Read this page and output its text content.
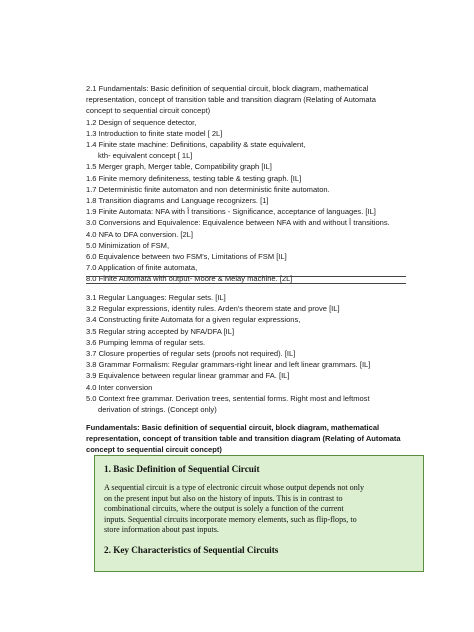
2.1 Fundamentals: Basic definition of sequential circuit, block diagram, mathematical
representation, concept of transition table and transition diagram (Relating of Automata
concept to sequential circuit concept)
1.2 Design of sequence detector,
1.3 Introduction to finite state model [ 2L]
1.4 Finite state machine: Definitions, capability & state equivalent,
kth- equivalent concept [ 1L]
1.5 Merger graph, Merger table, Compatibility graph [IL]
1.6 Finite memory definiteness, testing table & testing graph. [IL]
1.7 Deterministic finite automaton and non deterministic finite automaton.
1.8 Transition diagrams and Language recognizers. [1]
1.9 Finite Automata: NFA with Î transitions - Significance, acceptance of languages. [IL]
3.0 Conversions and Equivalence: Equivalence between NFA with and without Î transitions.
4.0 NFA to DFA conversion. [2L]
5.0 Minimization of FSM,
6.0 Equivalence between two FSM's, Limitations of FSM [IL]
7.0 Application of finite automata,
8.0 Finite Automata with output- Moore & Melay machine. [2L]
3.1 Regular Languages: Regular sets. [IL]
3.2 Regular expressions, identity rules. Arden's theorem state and prove [IL]
3.4 Constructing finite Automata for a given regular expressions,
3.5 Regular string accepted by NFA/DFA [IL]
3.6 Pumping lemma of regular sets.
3.7 Closure properties of regular sets (proofs not required). [IL]
3.8 Grammar Formalism: Regular grammars-right linear and left linear grammars. [IL]
3.9 Equivalence between regular linear grammar and FA. [IL]
4.0 Inter conversion
5.0 Context free grammar. Derivation trees, sentential forms. Right most and leftmost
derivation of strings. (Concept only)
Fundamentals: Basic definition of sequential circuit, block diagram, mathematical
representation, concept of transition table and transition diagram (Relating of Automata
concept to sequential circuit concept)
1. Basic Definition of Sequential Circuit
A sequential circuit is a type of electronic circuit whose output depends not only
on the present input but also on the history of inputs. This is in contrast to
combinational circuits, where the output is solely a function of the current
inputs. Sequential circuits incorporate memory elements, such as flip-flops, to
store information about past inputs.
2. Key Characteristics of Sequential Circuits
